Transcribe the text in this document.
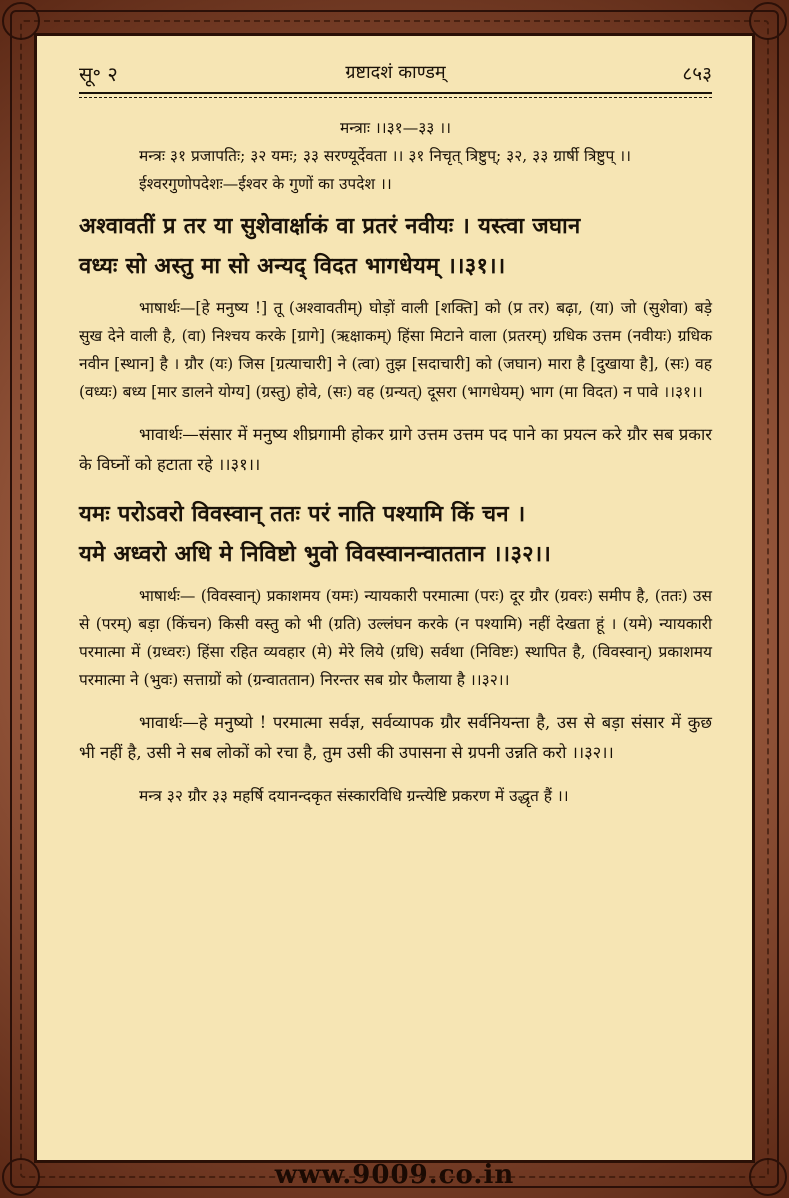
सू॰ २	ग्रष्टादशं काण्डम्	८५३

मन्त्राः ।।३१—३३ ।।

मन्त्रः ३१ प्रजापतिः; ३२ यमः; ३३ सरण्यूर्देवता ।। ३१ निचृत् त्रिष्टुप्; ३२, ३३ ग्रार्षी त्रिष्टुप् ।।

ईश्वरगुणोपदेशः—ईश्वर के गुणों का उपदेश ।।

अश्वावतीं प्र तर या सुशेवार्क्षाकं वा प्रतरं नवीयः । यस्त्वा जघान

वध्यः सो अस्तु मा सो अन्यद् विदत भागधेयम् ।।३१।।

भाषार्थः—[हे मनुष्य !] तू (अश्वावतीम्) घोड़ों वाली [शक्ति] को (प्र तर) बढ़ा, (या) जो (सुशेवा) बड़े सुख देने वाली है, (वा) निश्चय करके [ग्रागे] (ऋक्षाकम्) हिंसा मिटाने वाला (प्रतरम्) ग्रधिक उत्तम (नवीयः) ग्रधिक नवीन [स्थान] है । ग्रौर (यः) जिस [ग्रत्याचारी] ने (त्वा) तुझ [सदाचारी] को (जघान) मारा है [दुखाया है], (सः) वह (वध्यः) बध्य [मार डालने योग्य] (ग्रस्तु) होवे, (सः) वह (ग्रन्यत्) दूसरा (भागधेयम्) भाग (मा विदत) न पावे ।।३१।।

भावार्थः—संसार में मनुष्य शीघ्रगामी होकर ग्रागे उत्तम उत्तम पद पाने का प्रयत्न करे ग्रौर सब प्रकार के विघ्नों को हटाता रहे ।।३१।।

यमः परोऽवरो विवस्वान् ततः परं नाति पश्यामि किं चन ।

यमे अध्वरो अधि मे निविष्टो भुवो विवस्वानन्वाततान ।।३२।।

भाषार्थः— (विवस्वान्) प्रकाशमय (यमः) न्यायकारी परमात्मा (परः) दूर ग्रौर (ग्रवरः) समीप है, (ततः) उस से (परम्) बड़ा (किंचन) किसी वस्तु को भी (ग्रति) उल्लंघन करके (न पश्यामि) नहीं देखता हूं । (यमे) न्यायकारी परमात्मा में (ग्रध्वरः) हिंसा रहित व्यवहार (मे) मेरे लिये (ग्रधि) सर्वथा (निविष्टः) स्थापित है, (विवस्वान्) प्रकाशमय परमात्मा ने (भुवः) सत्ताग्रों को (ग्रन्वाततान) निरन्तर सब ग्रोर फैलाया है ।।३२।।

भावार्थः—हे मनुष्यो ! परमात्मा सर्वज्ञ, सर्वव्यापक ग्रौर सर्वनियन्ता है, उस से बड़ा संसार में कुछ भी नहीं है, उसी ने सब लोकों को रचा है, तुम उसी की उपासना से ग्रपनी उन्नति करो ।।३२।।

मन्त्र ३२ ग्रौर ३३ महर्षि दयानन्दकृत संस्कारविधि ग्रन्त्येष्टि प्रकरण में उद्धृत हैं ।।

www.9009.co.in
